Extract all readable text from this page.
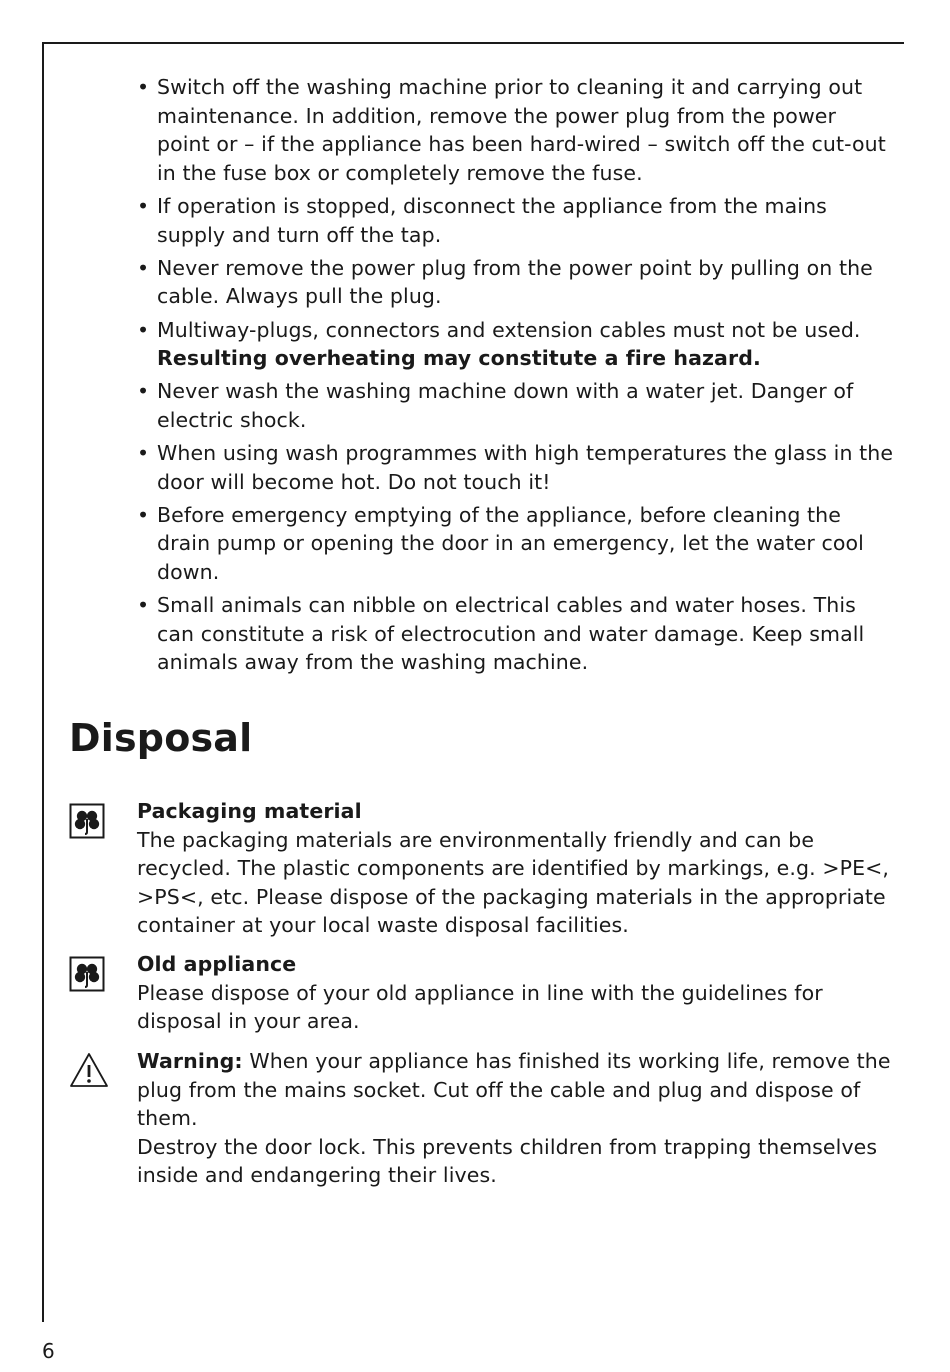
• Switch off the washing machine prior to cleaning it and carrying out maintenance. In addition, remove the power plug from the power point or – if the appliance has been hard-wired – switch off the cut-out in the fuse box or completely remove the fuse.
• If operation is stopped, disconnect the appliance from the mains supply and turn off the tap.
• Never remove the power plug from the power point by pulling on the cable. Always pull the plug.
• Multiway-plugs, connectors and extension cables must not be used.
Resulting overheating may constitute a fire hazard.
• Never wash the washing machine down with a water jet. Danger of electric shock.
• When using wash programmes with high temperatures the glass in the door will become hot. Do not touch it!
• Before emergency emptying of the appliance, before cleaning the drain pump or opening the door in an emergency, let the water cool down.
• Small animals can nibble on electrical cables and water hoses. This can constitute a risk of electrocution and water damage. Keep small animals away from the washing machine.
Disposal
Packaging material
The packaging materials are environmentally friendly and can be recycled. The plastic components are identified by markings, e.g. >PE<, >PS<, etc. Please dispose of the packaging materials in the appropriate container at your local waste disposal facilities.
Old appliance
Please dispose of your old appliance in line with the guidelines for disposal in your area.
Warning: When your appliance has finished its working life, remove the plug from the mains socket. Cut off the cable and plug and dispose of them.
Destroy the door lock. This prevents children from trapping themselves inside and endangering their lives.
6
